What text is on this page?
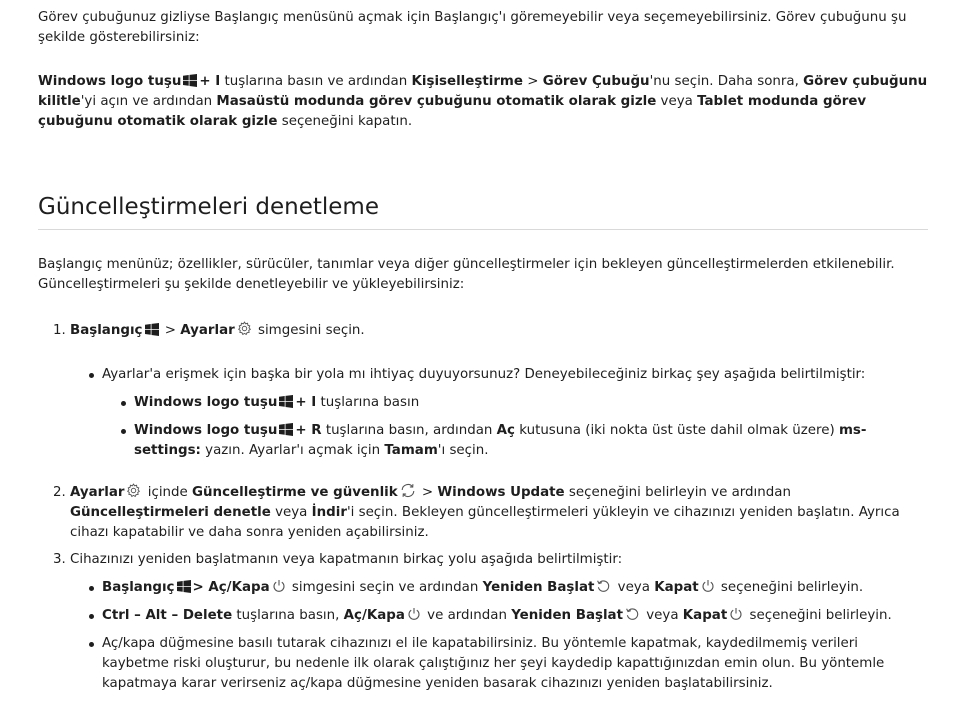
Görev çubuğunuz gizliyse Başlangıç menüsünü açmak için Başlangıç'ı göremeyebilir veya seçemeyebilirsiniz. Görev çubuğunu şu şekilde gösterebilirsiniz:

Windows logo tuşu + I tuşlarına basın ve ardından Kişiselleştirme > Görev Çubuğu'nu seçin. Daha sonra, Görev çubuğunu kilitle'yi açın ve ardından Masaüstü modunda görev çubuğunu otomatik olarak gizle veya Tablet modunda görev çubuğunu otomatik olarak gizle seçeneğini kapatın.

Güncelleştirmeleri denetleme

Başlangıç menünüz; özellikler, sürücüler, tanımlar veya diğer güncelleştirmeler için bekleyen güncelleştirmelerden etkilenebilir. Güncelleştirmeleri şu şekilde denetleyebilir ve yükleyebilirsiniz:

1. Başlangıç
> Ayarlar
simgesini seçin.
Ayarlar'a erişmek için başka bir yola mı ihtiyaç duyuyorsunuz? Deneyebileceğiniz birkaç şey aşağıda belirtilmiştir:
Windows logo tuşu + I tuşlarına basın
Windows logo tuşu + R tuşlarına basın, ardından Aç kutusuna (iki nokta üst üste dahil olmak üzere) ms-settings: yazın. Ayarlar'ı açmak için Tamam'ı seçin.
2. Ayarlar
içinde Güncelleştirme ve güvenlik
> Windows Update seçeneğini belirleyin ve ardından Güncelleştirmeleri denetle veya İndir'i seçin. Bekleyen güncelleştirmeleri yükleyin ve cihazınızı yeniden başlatın. Ayrıca cihazı kapatabilir ve daha sonra yeniden açabilirsiniz.
3. Cihazınızı yeniden başlatmanın veya kapatmanın birkaç yolu aşağıda belirtilmiştir:
Başlangıç > Aç/Kapa
simgesini seçin ve ardından Yeniden Başlat
veya Kapat
seçeneğini belirleyin.
Ctrl – Alt – Delete tuşlarına basın, Aç/Kapa
ve ardından Yeniden Başlat
veya Kapat
seçeneğini belirleyin.
Aç/kapa düğmesine basılı tutarak cihazınızı el ile kapatabilirsiniz. Bu yöntemle kapatmak, kaydedilmemiş verileri kaybetme riski oluşturur, bu nedenle ilk olarak çalıştığınız her şeyi kaydedip kapattığınızdan emin olun. Bu yöntemle kapatmaya karar verirseniz aç/kapa düğmesine yeniden basarak cihazınızı yeniden başlatabilirsiniz.
